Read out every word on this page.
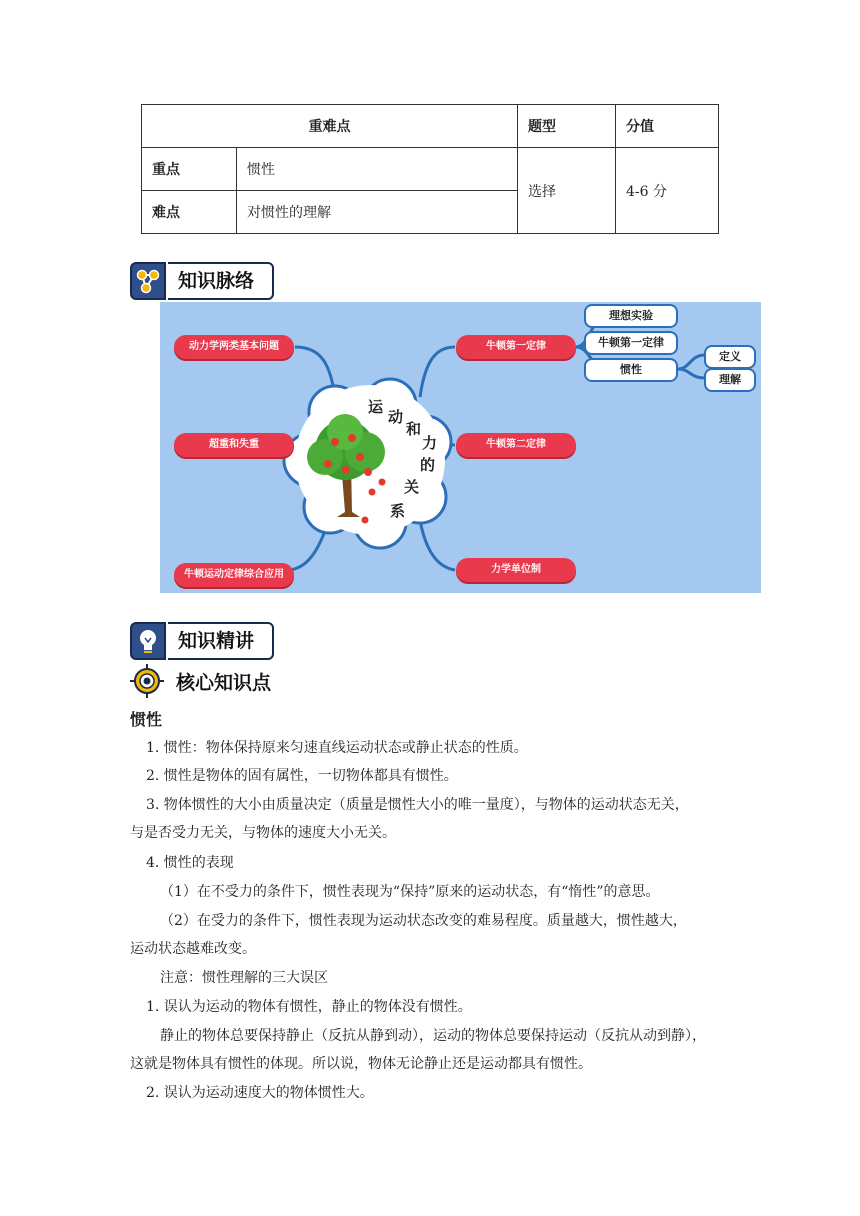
重难点		题型	分值
重点	惯性	选择	4-6 分
难点	对惯性的理解		
知识脉络
运
动
和
力
的
关
系
动力学两类基本问题
超重和失重
牛顿运动定律综合应用
牛顿第一定律
牛顿第二定律
力学单位制
理想实验
牛顿第一定律
惯性
定义
理解
知识精讲
核心知识点
惯性
1. 惯性：物体保持原来匀速直线运动状态或静止状态的性质。
2. 惯性是物体的固有属性，一切物体都具有惯性。
3. 物体惯性的大小由质量决定（质量是惯性大小的唯一量度），与物体的运动状态无关，
与是否受力无关，与物体的速度大小无关。
4. 惯性的表现
（1）在不受力的条件下，惯性表现为“保持”原来的运动状态，有“惰性”的意思。
（2）在受力的条件下，惯性表现为运动状态改变的难易程度。质量越大，惯性越大，
运动状态越难改变。
注意：惯性理解的三大误区
1. 误认为运动的物体有惯性，静止的物体没有惯性。
静止的物体总要保持静止（反抗从静到动），运动的物体总要保持运动（反抗从动到静），
这就是物体具有惯性的体现。所以说，物体无论静止还是运动都具有惯性。
2. 误认为运动速度大的物体惯性大。
